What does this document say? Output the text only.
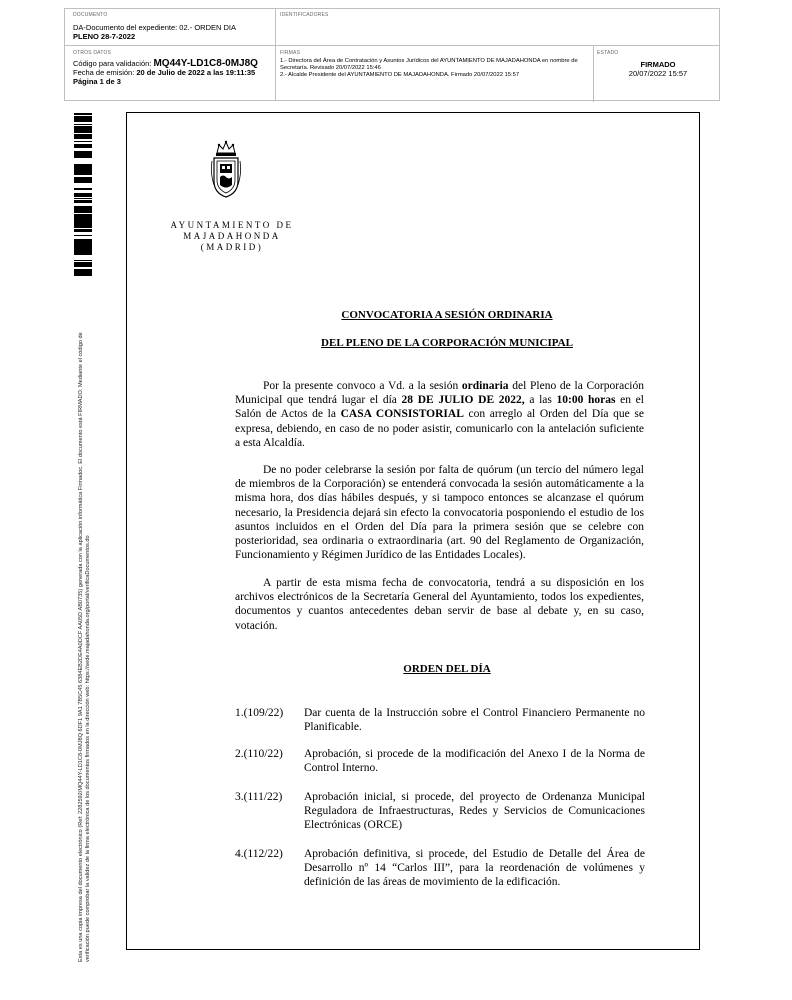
DOCUMENTO
DA-Documento del expediente: 02.- ORDEN DIA
PLENO 28-7-2022
IDENTIFICADORES
OTROS DATOS
Código para validación: MQ44Y-LD1C8-0MJ8Q
Fecha de emisión: 20 de Julio de 2022 a las 19:11:35
Página 1 de 3
FIRMAS
1.- Directora del Área de Contratación y Asuntos Jurídicos del AYUNTAMIENTO DE MAJADAHONDA en nombre de Secretaría. Revisado 20/07/2022 15:46
2.- Alcalde Presidente del AYUNTAMIENTO DE MAJADAHONDA. Firmado 20/07/2022 15:57
ESTADO
FIRMADO
20/07/2022 15:57
Esta es una copia impresa del documento electrónico (Ref: 2282592/MQ44Y-LD1C8-0MJ8Q 6DF1 9A1 7B5C45 6384EB2DE4A0DCF AA05D AB0735) generada con la aplicación informática Firmadoc. El documento está FIRMADO. Mediante el código de verificación puede comprobar la validez de la firma electrónica de los documentos firmados en la dirección web: https://sede.majadahonda.org/portal/verificaDocumentos.do
AYUNTAMIENTO DE
MAJADAHONDA
(MADRID)
CONVOCATORIA A SESIÓN ORDINARIA
DEL PLENO DE LA CORPORACIÓN MUNICIPAL

Por la presente convoco a Vd. a la sesión ordinaria del Pleno de la Corporación Municipal que tendrá lugar el día 28 DE JULIO DE 2022, a las 10:00 horas en el Salón de Actos de la CASA CONSISTORIAL con arreglo al Orden del Día que se expresa, debiendo, en caso de no poder asistir, comunicarlo con la antelación suficiente a esta Alcaldía.

De no poder celebrarse la sesión por falta de quórum (un tercio del número legal de miembros de la Corporación) se entenderá convocada la sesión automáticamente a la misma hora, dos días hábiles después, y si tampoco entonces se alcanzase el quórum necesario, la Presidencia dejará sin efecto la convocatoria posponiendo el estudio de los asuntos incluidos en el Orden del Día para la primera sesión que se celebre con posterioridad, sea ordinaria o extraordinaria (art. 90 del Reglamento de Organización, Funcionamiento y Régimen Jurídico de las Entidades Locales).

A partir de esta misma fecha de convocatoria, tendrá a su disposición en los archivos electrónicos de la Secretaría General del Ayuntamiento, todos los expedientes, documentos y cuantos antecedentes deban servir de base al debate y, en su caso, votación.

ORDEN DEL DÍA
1.(109/22) Dar cuenta de la Instrucción sobre el Control Financiero Permanente no Planificable.
2.(110/22) Aprobación, si procede de la modificación del Anexo I de la Norma de Control Interno.
3.(111/22) Aprobación inicial, si procede, del proyecto de Ordenanza Municipal Reguladora de Infraestructuras, Redes y Servicios de Comunicaciones Electrónicas (ORCE)
4.(112/22) Aprobación definitiva, si procede, del Estudio de Detalle del Área de Desarrollo nº 14 “Carlos III”, para la reordenación de volúmenes y definición de las áreas de movimiento de la edificación.
